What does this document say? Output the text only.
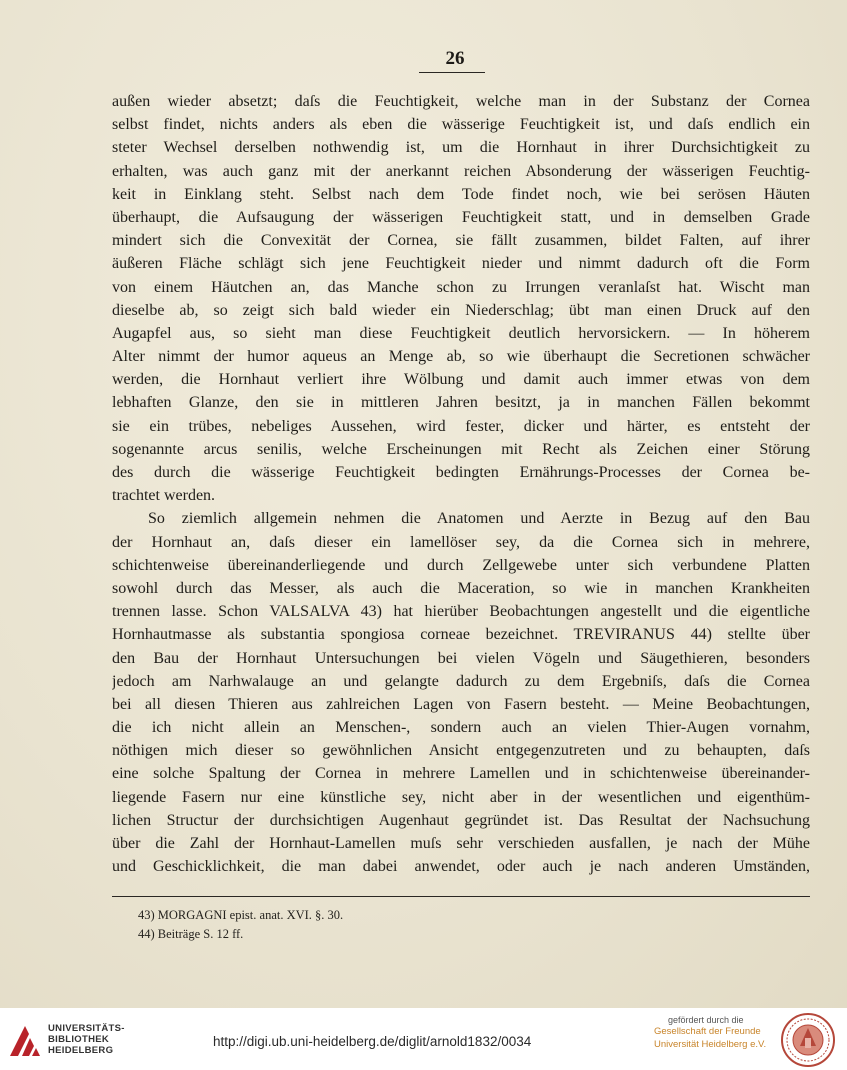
26
außen wieder absetzt; daſs die Feuchtigkeit, welche man in der Substanz der Cornea
selbst findet, nichts anders als eben die wässerige Feuchtigkeit ist, und daſs endlich ein
steter Wechsel derselben nothwendig ist, um die Hornhaut in ihrer Durchsichtigkeit zu
erhalten, was auch ganz mit der anerkannt reichen Absonderung der wässerigen Feuchtig-
keit in Einklang steht. Selbst nach dem Tode findet noch, wie bei serösen Häuten
überhaupt, die Aufsaugung der wässerigen Feuchtigkeit statt, und in demselben Grade
mindert sich die Convexität der Cornea, sie fällt zusammen, bildet Falten, auf ihrer
äußeren Fläche schlägt sich jene Feuchtigkeit nieder und nimmt dadurch oft die Form
von einem Häutchen an, das Manche schon zu Irrungen veranlaſst hat. Wischt man
dieselbe ab, so zeigt sich bald wieder ein Niederschlag; übt man einen Druck auf den
Augapfel aus, so sieht man diese Feuchtigkeit deutlich hervorsickern. — In höherem
Alter nimmt der humor aqueus an Menge ab, so wie überhaupt die Secretionen schwächer
werden, die Hornhaut verliert ihre Wölbung und damit auch immer etwas von dem
lebhaften Glanze, den sie in mittleren Jahren besitzt, ja in manchen Fällen bekommt
sie ein trübes, nebeliges Aussehen, wird fester, dicker und härter, es entsteht der
sogenannte arcus senilis, welche Erscheinungen mit Recht als Zeichen einer Störung
des durch die wässerige Feuchtigkeit bedingten Ernährungs-Processes der Cornea be-
trachtet werden.
So ziemlich allgemein nehmen die Anatomen und Aerzte in Bezug auf den Bau
der Hornhaut an, daſs dieser ein lamellöser sey, da die Cornea sich in mehrere,
schichtenweise übereinanderliegende und durch Zellgewebe unter sich verbundene Platten
sowohl durch das Messer, als auch die Maceration, so wie in manchen Krankheiten
trennen lasse. Schon VALSALVA 43) hat hierüber Beobachtungen angestellt und die eigentliche
Hornhautmasse als substantia spongiosa corneae bezeichnet. TREVIRANUS 44) stellte über
den Bau der Hornhaut Untersuchungen bei vielen Vögeln und Säugethieren, besonders
jedoch am Narhwalauge an und gelangte dadurch zu dem Ergebniſs, daſs die Cornea
bei all diesen Thieren aus zahlreichen Lagen von Fasern besteht. — Meine Beobachtungen,
die ich nicht allein an Menschen-, sondern auch an vielen Thier-Augen vornahm,
nöthigen mich dieser so gewöhnlichen Ansicht entgegenzutreten und zu behaupten, daſs
eine solche Spaltung der Cornea in mehrere Lamellen und in schichtenweise übereinander-
liegende Fasern nur eine künstliche sey, nicht aber in der wesentlichen und eigenthüm-
lichen Structur der durchsichtigen Augenhaut gegründet ist. Das Resultat der Nachsuchung
über die Zahl der Hornhaut-Lamellen muſs sehr verschieden ausfallen, je nach der Mühe
und Geschicklichkeit, die man dabei anwendet, oder auch je nach anderen Umständen,
43) MORGAGNI epist. anat. XVI. §. 30.
44) Beiträge S. 12 ff.
UNIVERSITÄTS-
BIBLIOTHEK
HEIDELBERG
http://digi.ub.uni-heidelberg.de/diglit/arnold1832/0034
gefördert durch die
Gesellschaft der Freunde
Universität Heidelberg e.V.
